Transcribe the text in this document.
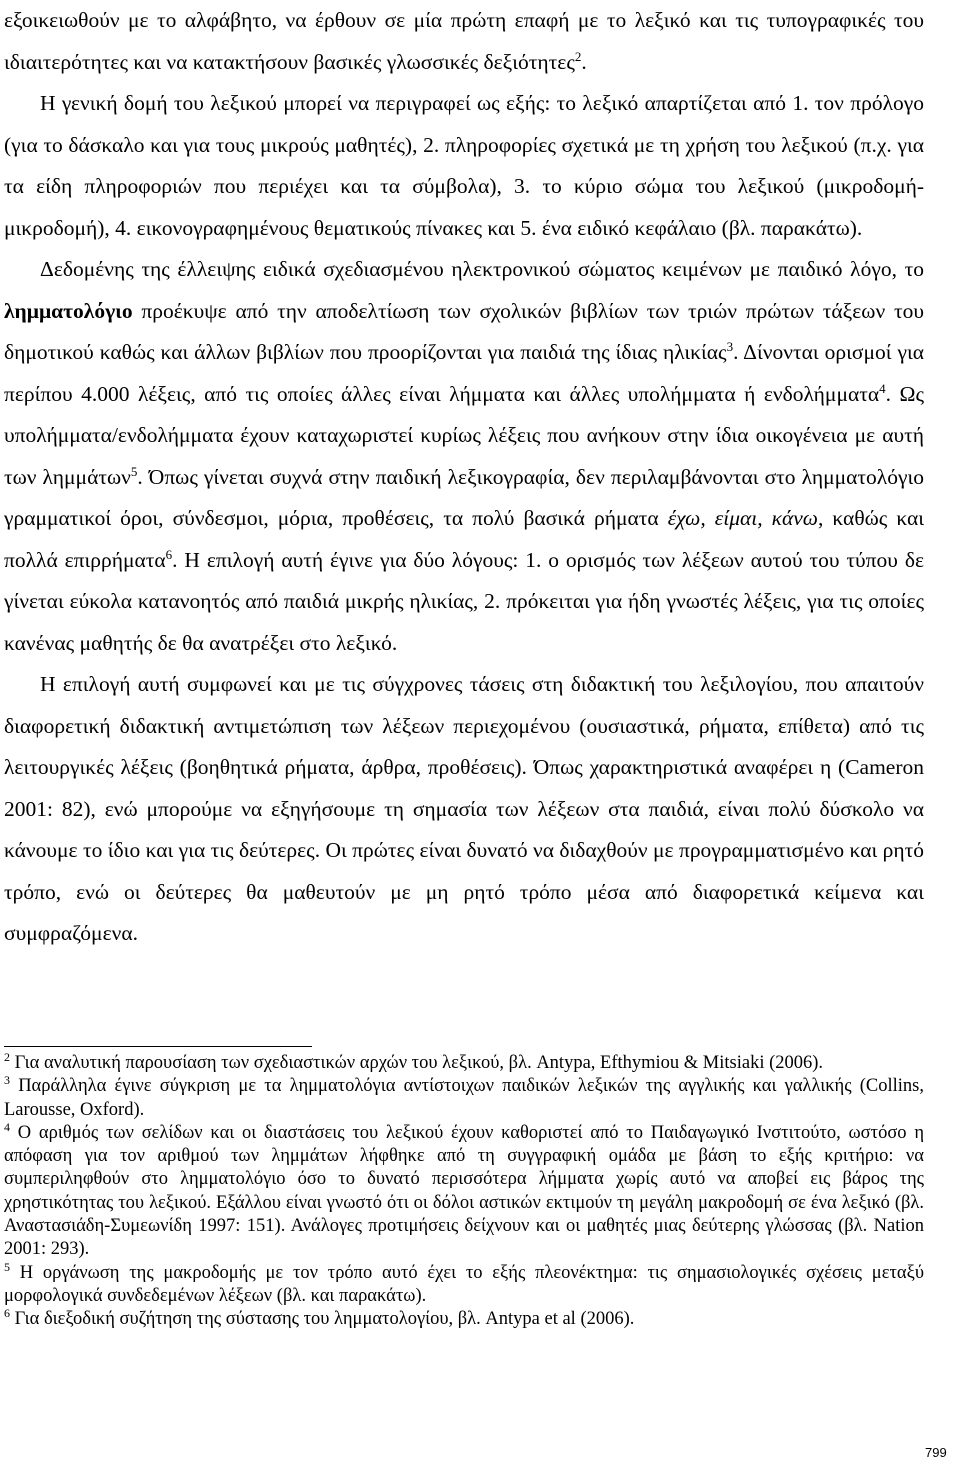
εξοικειωθούν με το αλφάβητο, να έρθουν σε μία πρώτη επαφή με το λεξικό και τις τυπογραφικές του ιδιαιτερότητες και να κατακτήσουν βασικές γλωσσικές δεξιότητες$^2$.

Η γενική δομή του λεξικού μπορεί να περιγραφεί ως εξής: το λεξικό απαρτίζεται από 1. τον πρόλογο (για το δάσκαλο και για τους μικρούς μαθητές), 2. πληροφορίες σχετικά με τη χρήση του λεξικού (π.χ. για τα είδη πληροφοριών που περιέχει και τα σύμβολα), 3. το κύριο σώμα του λεξικού (μικροδομή-μικροδομή), 4. εικονογραφημένους θεματικούς πίνακες και 5. ένα ειδικό κεφάλαιο (βλ. παρακάτω).

Δεδομένης της έλλειψης ειδικά σχεδιασμένου ηλεκτρονικού σώματος κειμένων με παιδικό λόγο, το λημματολόγιο προέκυψε από την αποδελτίωση των σχολικών βιβλίων των τριών πρώτων τάξεων του δημοτικού καθώς και άλλων βιβλίων που προορίζονται για παιδιά της ίδιας ηλικίας$^3$. Δίνονται ορισμοί για περίπου 4.000 λέξεις, από τις οποίες άλλες είναι λήμματα και άλλες υπολήμματα ή ενδολήμματα$^4$. Ως υπολήμματα/ενδολήμματα έχουν καταχωριστεί κυρίως λέξεις που ανήκουν στην ίδια οικογένεια με αυτή των λημμάτων$^5$. Όπως γίνεται συχνά στην παιδική λεξικογραφία, δεν περιλαμβάνονται στο λημματολόγιο γραμματικοί όροι, σύνδεσμοι, μόρια, προθέσεις, τα πολύ βασικά ρήματα έχω, είμαι, κάνω, καθώς και πολλά επιρρήματα$^6$. Η επιλογή αυτή έγινε για δύο λόγους: 1. ο ορισμός των λέξεων αυτού του τύπου δε γίνεται εύκολα κατανοητός από παιδιά μικρής ηλικίας, 2. πρόκειται για ήδη γνωστές λέξεις, για τις οποίες κανένας μαθητής δε θα ανατρέξει στο λεξικό.

Η επιλογή αυτή συμφωνεί και με τις σύγχρονες τάσεις στη διδακτική του λεξιλογίου, που απαιτούν διαφορετική διδακτική αντιμετώπιση των λέξεων περιεχομένου (ουσιαστικά, ρήματα, επίθετα) από τις λειτουργικές λέξεις (βοηθητικά ρήματα, άρθρα, προθέσεις). Όπως χαρακτηριστικά αναφέρει η (Cameron 2001: 82), ενώ μπορούμε να εξηγήσουμε τη σημασία των λέξεων στα παιδιά, είναι πολύ δύσκολο να κάνουμε το ίδιο και για τις δεύτερες. Οι πρώτες είναι δυνατό να διδαχθούν με προγραμματισμένο και ρητό τρόπο, ενώ οι δεύτερες θα μαθευτούν με μη ρητό τρόπο μέσα από διαφορετικά κείμενα και συμφραζόμενα.

$^2$ Για αναλυτική παρουσίαση των σχεδιαστικών αρχών του λεξικού, βλ. Antypa, Efthymiou & Mitsiaki (2006).

$^3$ Παράλληλα έγινε σύγκριση με τα λημματολόγια αντίστοιχων παιδικών λεξικών της αγγλικής και γαλλικής (Collins, Larousse, Oxford).

$^4$ Ο αριθμός των σελίδων και οι διαστάσεις του λεξικού έχουν καθοριστεί από το Παιδαγωγικό Ινστιτούτο, ωστόσο η απόφαση για τον αριθμού των λημμάτων λήφθηκε από τη συγγραφική ομάδα με βάση το εξής κριτήριο: να συμπεριληφθούν στο λημματολόγιο όσο το δυνατό περισσότερα λήμματα χωρίς αυτό να αποβεί εις βάρος της χρηστικότητας του λεξικού. Εξάλλου είναι γνωστό ότι οι δόλοι αστικών εκτιμούν τη μεγάλη μακροδομή σε ένα λεξικό (βλ. Αναστασιάδη-Συμεωνίδη 1997: 151). Ανάλογες προτιμήσεις δείχνουν και οι μαθητές μιας δεύτερης γλώσσας (βλ. Nation 2001: 293).

$^5$ Η οργάνωση της μακροδομής με τον τρόπο αυτό έχει το εξής πλεονέκτημα: τις σημασιολογικές σχέσεις μεταξύ μορφολογικά συνδεδεμένων λέξεων (βλ. και παρακάτω).

$^6$ Για διεξοδική συζήτηση της σύστασης του λημματολογίου, βλ. Antypa et al (2006).

799
